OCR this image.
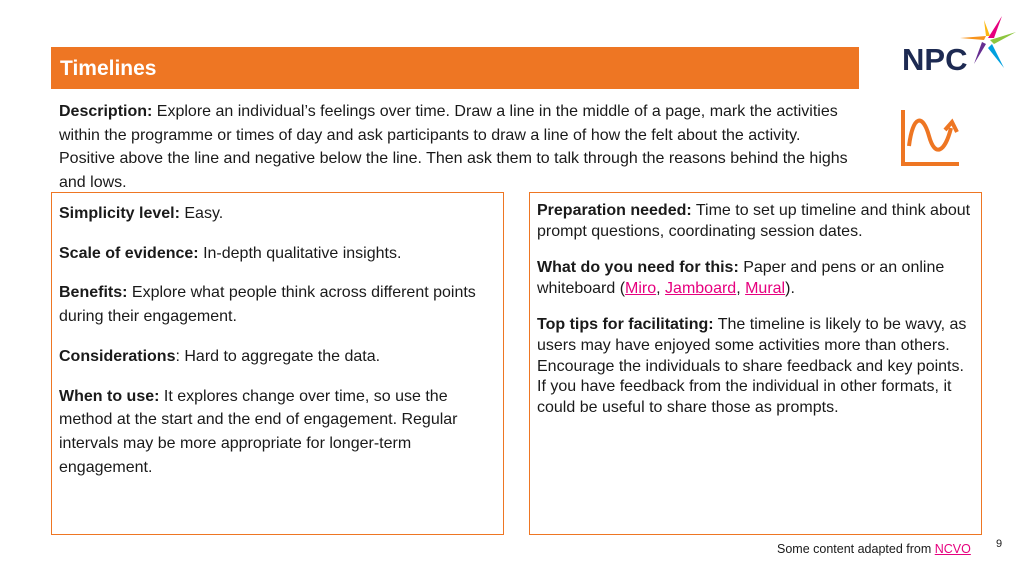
Timelines	NPC
Description: Explore an individual’s feelings over time. Draw a line in the middle of a page, mark the activities within the programme or times of day and ask participants to draw a line of how the felt about the activity. Positive above the line and negative below the line. Then ask them to talk through the reasons behind the highs and lows.

Simplicity level: Easy.

Scale of evidence: In-depth qualitative insights.

Benefits: Explore what people think across different points during their engagement.

Considerations: Hard to aggregate the data.

When to use: It explores change over time, so use the method at the start and the end of engagement. Regular intervals may be more appropriate for longer-term engagement.

Preparation needed: Time to set up timeline and think about prompt questions, coordinating session dates.

What do you need for this: Paper and pens or an online whiteboard (Miro, Jamboard, Mural).

Top tips for facilitating: The timeline is likely to be wavy, as users may have enjoyed some activities more than others. Encourage the individuals to share feedback and key points. If you have feedback from the individual in other formats, it could be useful to share those as prompts.

9
Some content adapted from NCVO
